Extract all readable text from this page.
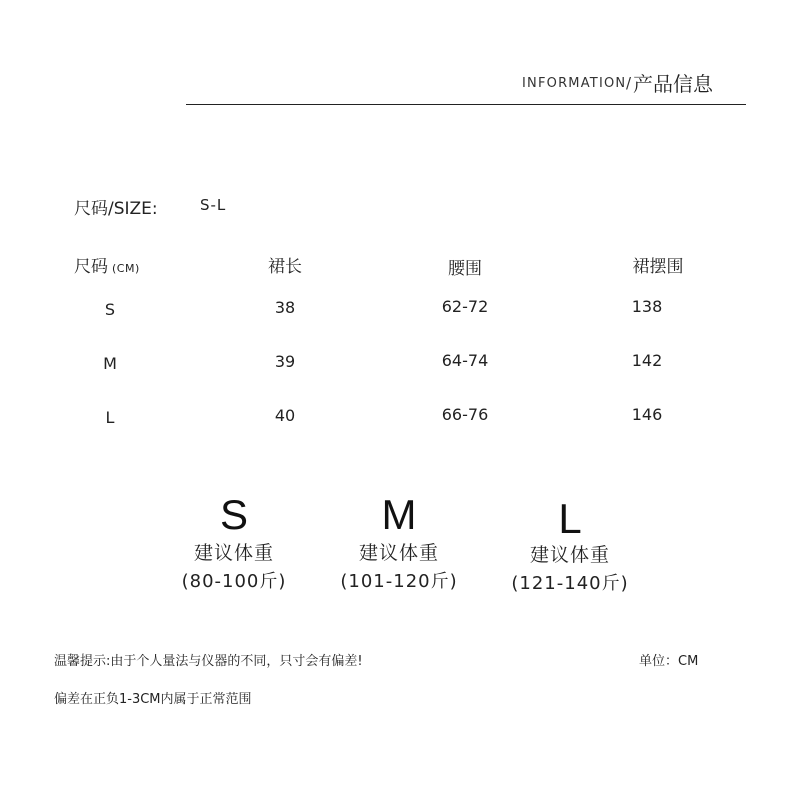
INFORMATION / 产品信息
尺码/SIZE:	S-L
尺码 (CM)	裙长	腰围	裙摆围
S	38	62-72	138
M	39	64-74	142
L	40	66-76	146
S
建议体重
(80-100斤)
M
建议体重
(101-120斤)
L
建议体重
(121-140斤)
温馨提示:由于个人量法与仪器的不同，只寸会有偏差!	单位：CM
偏差在正负1-3CM内属于正常范围
